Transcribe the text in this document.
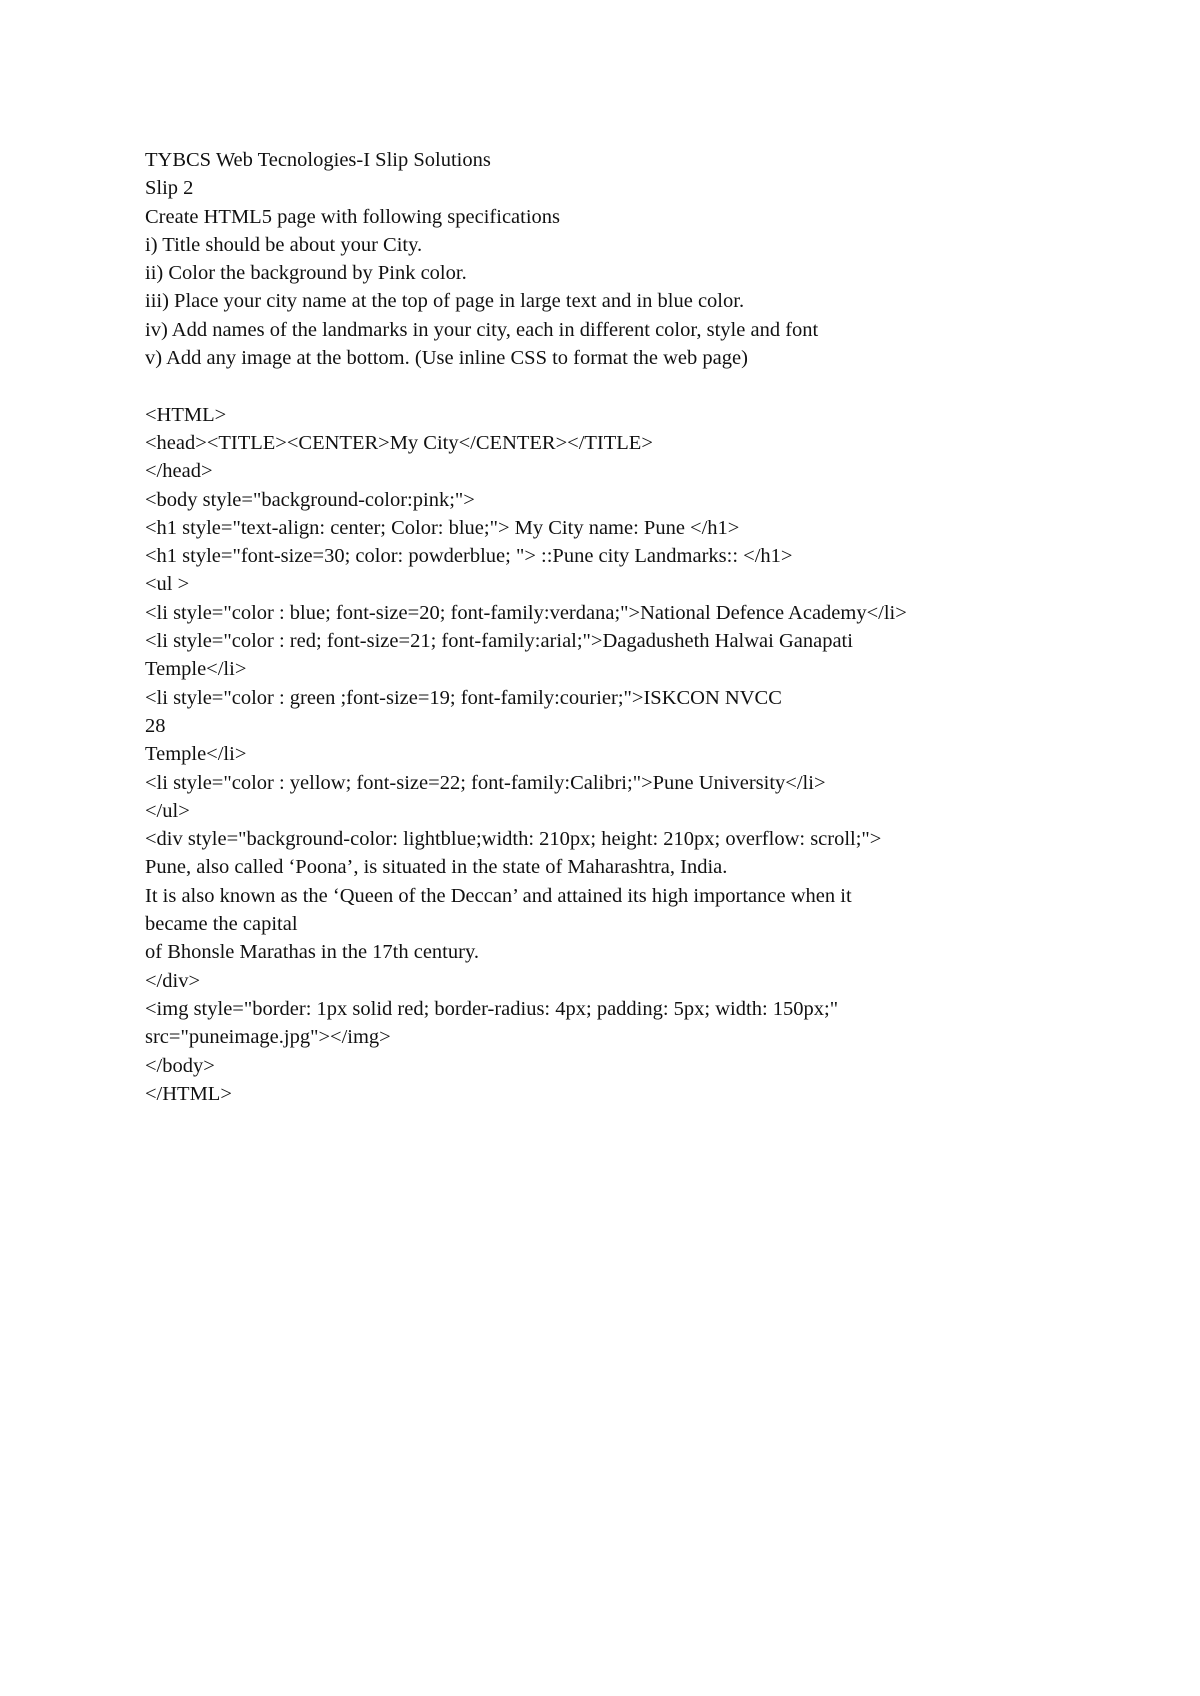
TYBCS Web Tecnologies-I Slip Solutions
Slip 2
Create HTML5 page with following specifications
i) Title should be about your City.
ii) Color the background by Pink color.
iii) Place your city name at the top of page in large text and in blue color.
iv) Add names of the landmarks in your city, each in different color, style and font
v) Add any image at the bottom. (Use inline CSS to format the web page)
<HTML>
<head><TITLE><CENTER>My City</CENTER></TITLE>
</head>
<body style="background-color:pink;">
<h1 style="text-align: center; Color: blue;"> My City name: Pune </h1>
<h1 style="font-size=30; color: powderblue; "> ::Pune city Landmarks:: </h1>
<ul >
<li style="color : blue; font-size=20; font-family:verdana;">National Defence Academy</li>
<li style="color : red; font-size=21; font-family:arial;">Dagadusheth Halwai Ganapati
Temple</li>
<li style="color : green ;font-size=19; font-family:courier;">ISKCON NVCC
28
Temple</li>
<li style="color : yellow; font-size=22; font-family:Calibri;">Pune University</li>
</ul>
<div style="background-color: lightblue;width: 210px; height: 210px; overflow: scroll;">
Pune, also called ‘Poona’, is situated in the state of Maharashtra, India.
It is also known as the ‘Queen of the Deccan’ and attained its high importance when it
became the capital
of Bhonsle Marathas in the 17th century.
</div>
<img style="border: 1px solid red; border-radius: 4px; padding: 5px; width: 150px;"
src="puneimage.jpg"></img>
</body>
</HTML>
